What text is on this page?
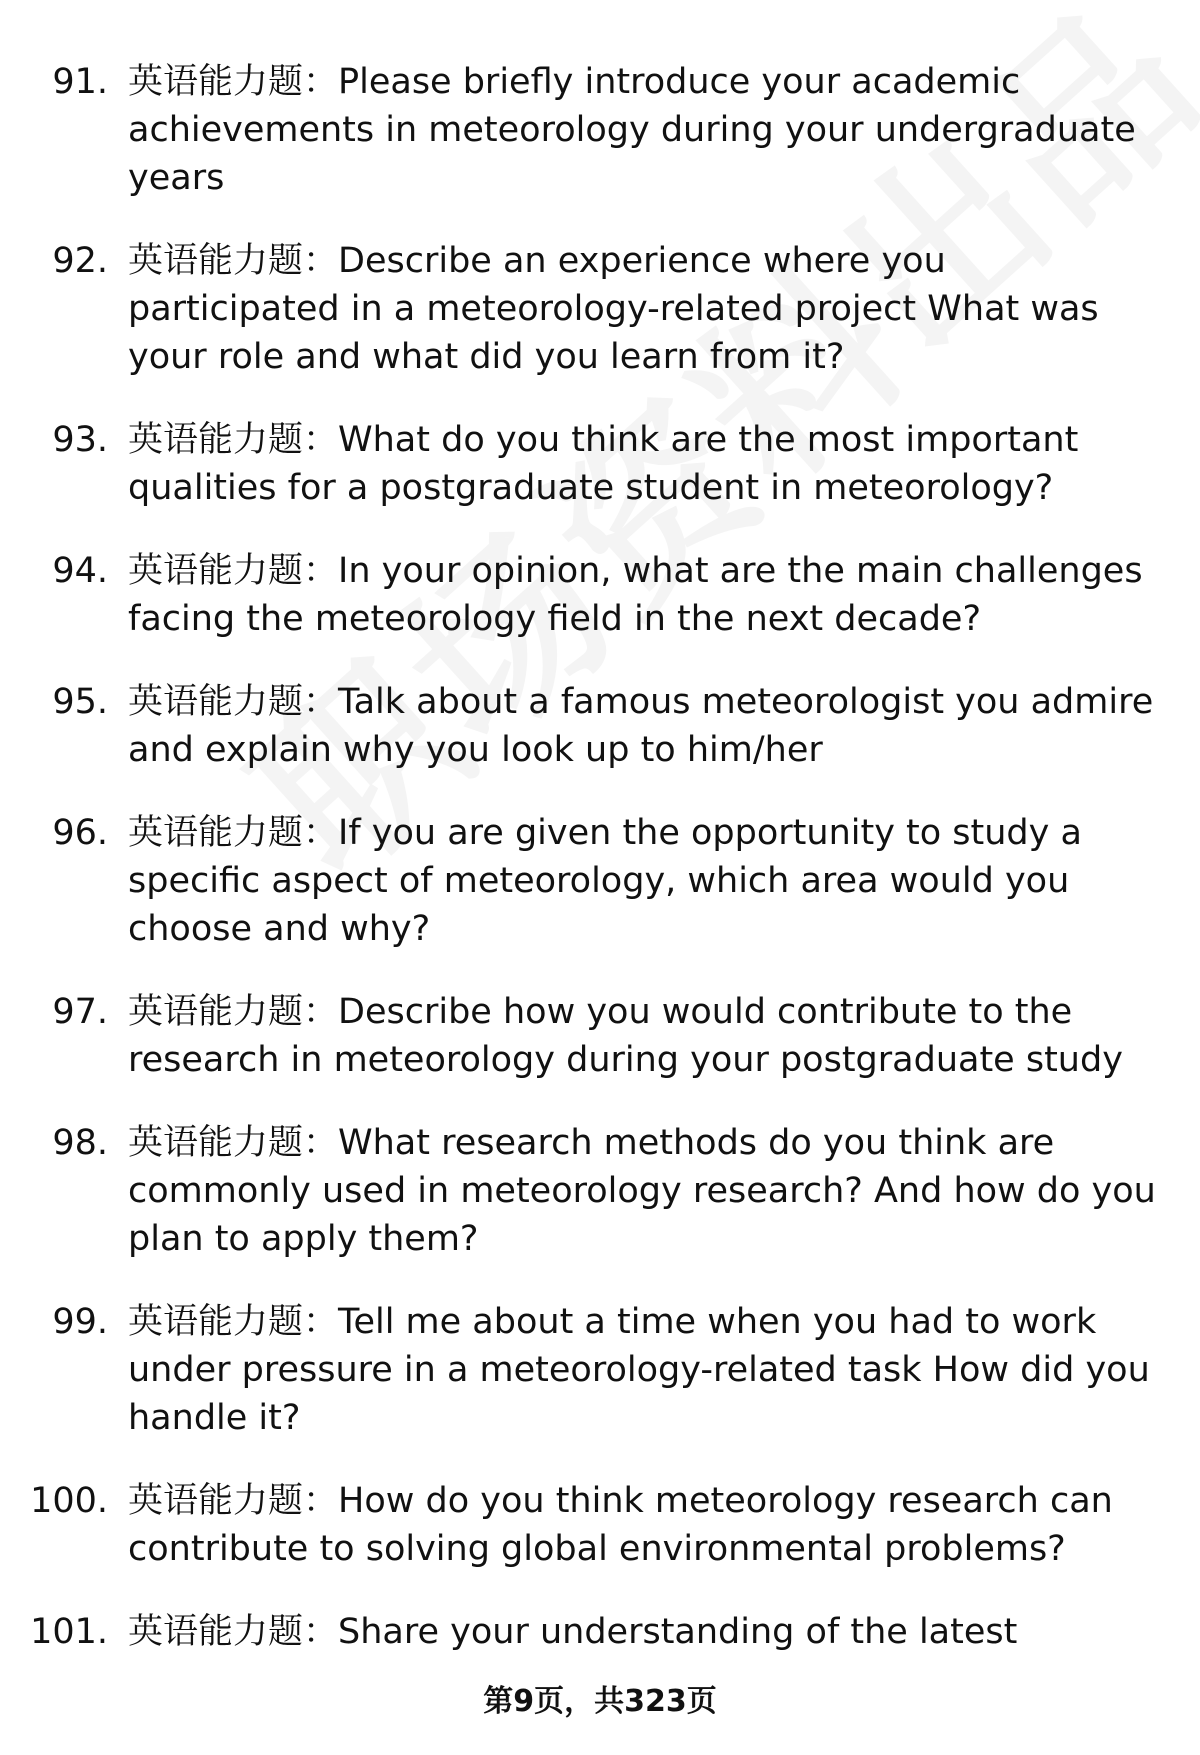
91. 英语能力题：Please briefly introduce your academic achievements in meteorology during your undergraduate years
92. 英语能力题：Describe an experience where you participated in a meteorology-related project What was your role and what did you learn from it?
93. 英语能力题：What do you think are the most important qualities for a postgraduate student in meteorology?
94. 英语能力题：In your opinion, what are the main challenges facing the meteorology field in the next decade?
95. 英语能力题：Talk about a famous meteorologist you admire and explain why you look up to him/her
96. 英语能力题：If you are given the opportunity to study a specific aspect of meteorology, which area would you choose and why?
97. 英语能力题：Describe how you would contribute to the research in meteorology during your postgraduate study
98. 英语能力题：What research methods do you think are commonly used in meteorology research? And how do you plan to apply them?
99. 英语能力题：Tell me about a time when you had to work under pressure in a meteorology-related task How did you handle it?
100. 英语能力题：How do you think meteorology research can contribute to solving global environmental problems?
101. 英语能力题：Share your understanding of the latest
第9页，共323页
